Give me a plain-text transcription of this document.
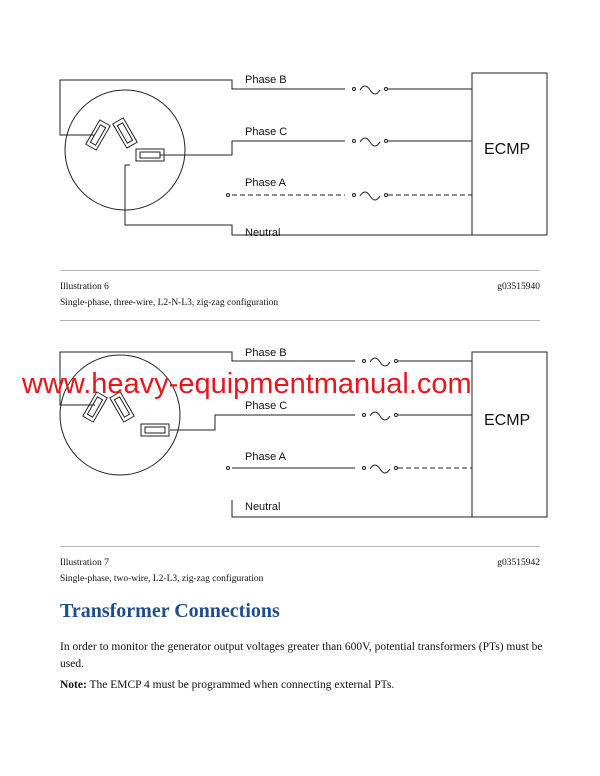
Phase B
Phase C
Phase A
Neutral
ECMP
Illustration 6	g03515940
Single-phase, three-wire, L2-N-L3, zig-zag configuration
Phase B
Phase C
Phase A
Neutral
ECMP
www.heavy-equipmentmanual.com
Illustration 7	g03515942
Single-phase, two-wire, L2-L3, zig-zag configuration
Transformer Connections
In order to monitor the generator output voltages greater than 600V, potential transformers (PTs) must be used.
Note: The EMCP 4 must be programmed when connecting external PTs.
